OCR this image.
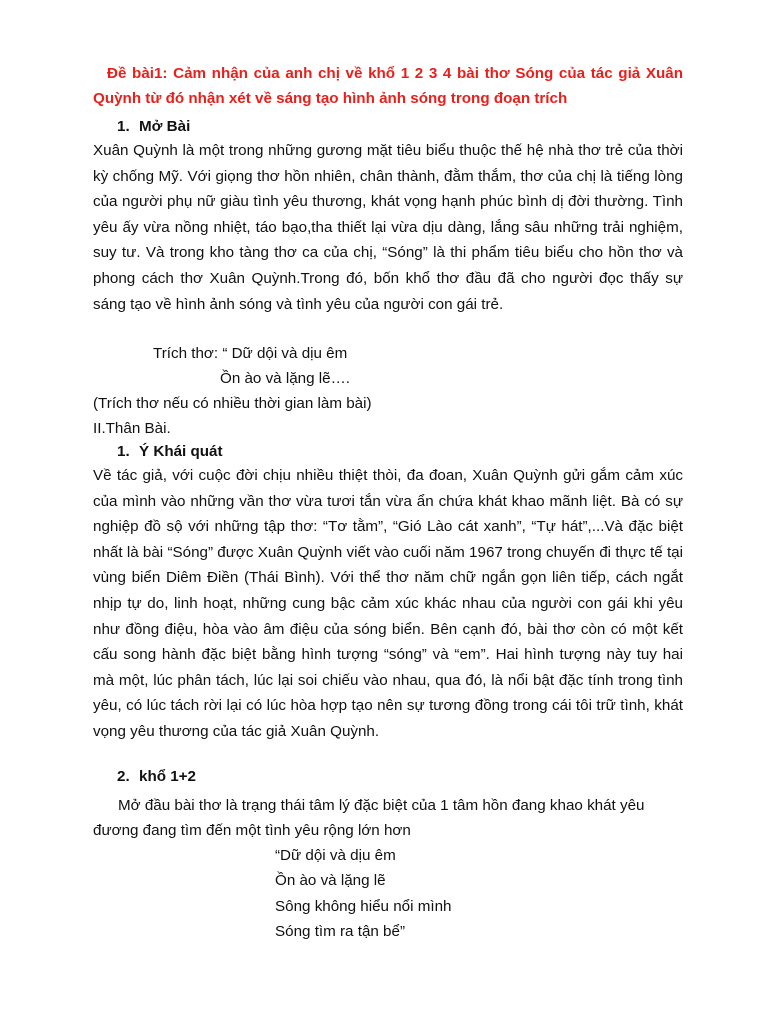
Đề bài1: Cảm nhận của anh chị về khổ 1 2 3 4 bài thơ Sóng của tác giả Xuân Quỳnh từ đó nhận xét về sáng tạo hình ảnh sóng trong đoạn trích
1. Mở Bài
Xuân Quỳnh là một trong những gương mặt tiêu biểu thuộc thế hệ nhà thơ trẻ của thời kỳ chống Mỹ. Với giọng thơ hồn nhiên, chân thành, đằm thắm, thơ của chị là tiếng lòng của người phụ nữ giàu tình yêu thương, khát vọng hạnh phúc bình dị đời thường. Tình yêu ấy vừa nồng nhiệt, táo bạo,tha thiết lại vừa dịu dàng, lắng sâu những trải nghiệm, suy tư. Và trong kho tàng thơ ca của chị, “Sóng” là thi phẩm tiêu biểu cho hồn thơ và phong cách thơ Xuân Quỳnh.Trong đó, bốn khổ thơ đầu đã cho người đọc thấy sự sáng tạo về hình ảnh sóng và tình yêu của người con gái trẻ.
Trích thơ: “ Dữ dội và dịu êm
Ồn ào và lặng lẽ….
(Trích thơ nếu có nhiều thời gian làm bài)
II.Thân Bài.
1. Ý Khái quát
Về tác giả, với cuộc đời chịu nhiều thiệt thòi, đa đoan, Xuân Quỳnh gửi gắm cảm xúc của mình vào những vần thơ vừa tươi tắn vừa ẩn chứa khát khao mãnh liệt. Bà có sự nghiệp đồ sộ với những tập thơ: “Tơ tằm”, “Gió Lào cát xanh”, “Tự hát”,...Và đặc biệt nhất là bài “Sóng” được Xuân Quỳnh viết vào cuối năm 1967 trong chuyến đi thực tế tại vùng biển Diêm Điền (Thái Bình). Với thể thơ năm chữ ngắn gọn liên tiếp, cách ngắt nhịp tự do, linh hoạt, những cung bậc cảm xúc khác nhau của người con gái khi yêu như đồng điệu, hòa vào âm điệu của sóng biển. Bên cạnh đó, bài thơ còn có một kết cấu song hành đặc biệt bằng hình tượng “sóng” và “em”. Hai hình tượng này tuy hai mà một, lúc phân tách, lúc lại soi chiếu vào nhau, qua đó, là nổi bật đặc tính trong tình yêu, có lúc tách rời lại có lúc hòa hợp tạo nên sự tương đồng trong cái tôi trữ tình, khát vọng yêu thương của tác giả Xuân Quỳnh.
2. khổ 1+2
Mở đầu bài thơ là trạng thái tâm lý đặc biệt của 1 tâm hồn đang khao khát yêu
đương đang tìm đến một tình yêu rộng lớn hơn
“Dữ dội và dịu êm
Ồn ào và lặng lẽ
Sông không hiểu nổi mình
Sóng tìm ra tận bể”
